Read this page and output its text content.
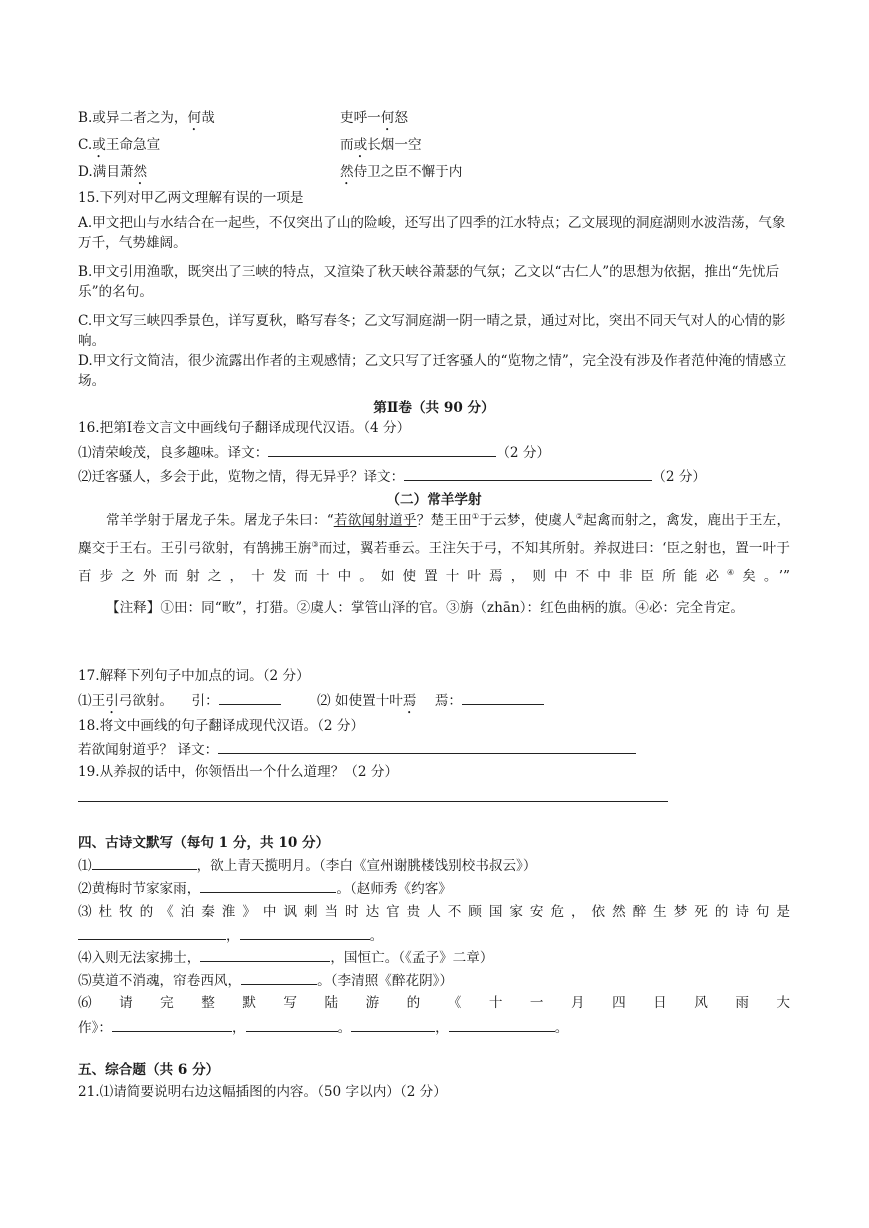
B.或异二者之为，何哉	吏呼一何怒
C.或王命急宣	而或长烟一空
D.满目萧然	然侍卫之臣不懈于内
15.下列对甲乙两文理解有误的一项是
A.甲文把山与水结合在一起些，不仅突出了山的险峻，还写出了四季的江水特点；乙文展现的洞庭湖则水波浩荡，气象万千，气势雄阔。
B.甲文引用渔歌，既突出了三峡的特点，又渲染了秋天峡谷萧瑟的气氛；乙文以“古仁人”的思想为依据，推出“先忧后乐”的名句。
C.甲文写三峡四季景色，详写夏秋，略写春冬；乙文写洞庭湖一阴一晴之景，通过对比，突出不同天气对人的心情的影响。
D.甲文行文简洁，很少流露出作者的主观感情；乙文只写了迁客骚人的“览物之情”，完全没有涉及作者范仲淹的情感立场。
第Ⅱ卷（共 90 分）
16.把第Ⅰ卷文言文中画线句子翻译成现代汉语。（4 分）
⑴清荣峻茂，良多趣味。译文：	（2 分）
⑵迁客骚人，多会于此，览物之情，得无异乎？译文：	（2 分）
（二）常羊学射
常羊学射于屠龙子朱。屠龙子朱曰：“若欲闻射道乎？楚王田①于云梦，使虞人②起禽而射之，禽发，鹿出于王左，麋交于王右。王引弓欲射，有鹄拂王旃③而过，翼若垂云。王注矢于弓，不知其所射。养叔进曰：‘臣之射也，置一叶于百步之外而射之，十发而十中。如使置十叶焉，则中不中非臣所能必④矣。’”
【注释】①田：同“畋”，打猎。②虞人：掌管山泽的官。③旃（zhān）：红色曲柄的旗。④必：完全肯定。
17.解释下列句子中加点的词。（2 分）
⑴王引弓欲射。 引：	⑵ 如使置十叶焉 焉：
18.将文中画线的句子翻译成现代汉语。（2 分）
若欲闻射道乎？ 译文：
19.从养叔的话中，你领悟出一个什么道理？（2 分）
四、古诗文默写（每句 1 分，共 10 分）
⑴	，欲上青天揽明月。（李白《宣州谢朓楼饯别校书叔云》）
⑵黄梅时节家家雨，	。（赵师秀《约客》
⑶杜牧的《泊秦淮》中讽刺当时达官贵人不顾国家安危，依然醉生梦死的诗句是
，	。
⑷入则无法家拂士，	，国恒亡。（《孟子》二章）
⑸莫道不消魂，帘卷西风，	。（李清照《醉花阴》）
⑹请完整默写陆游的《十一月四日风雨大
作》：	，	。	，	。
五、综合题（共 6 分）
21.⑴请简要说明右边这幅插图的内容。（50 字以内）（2 分）
